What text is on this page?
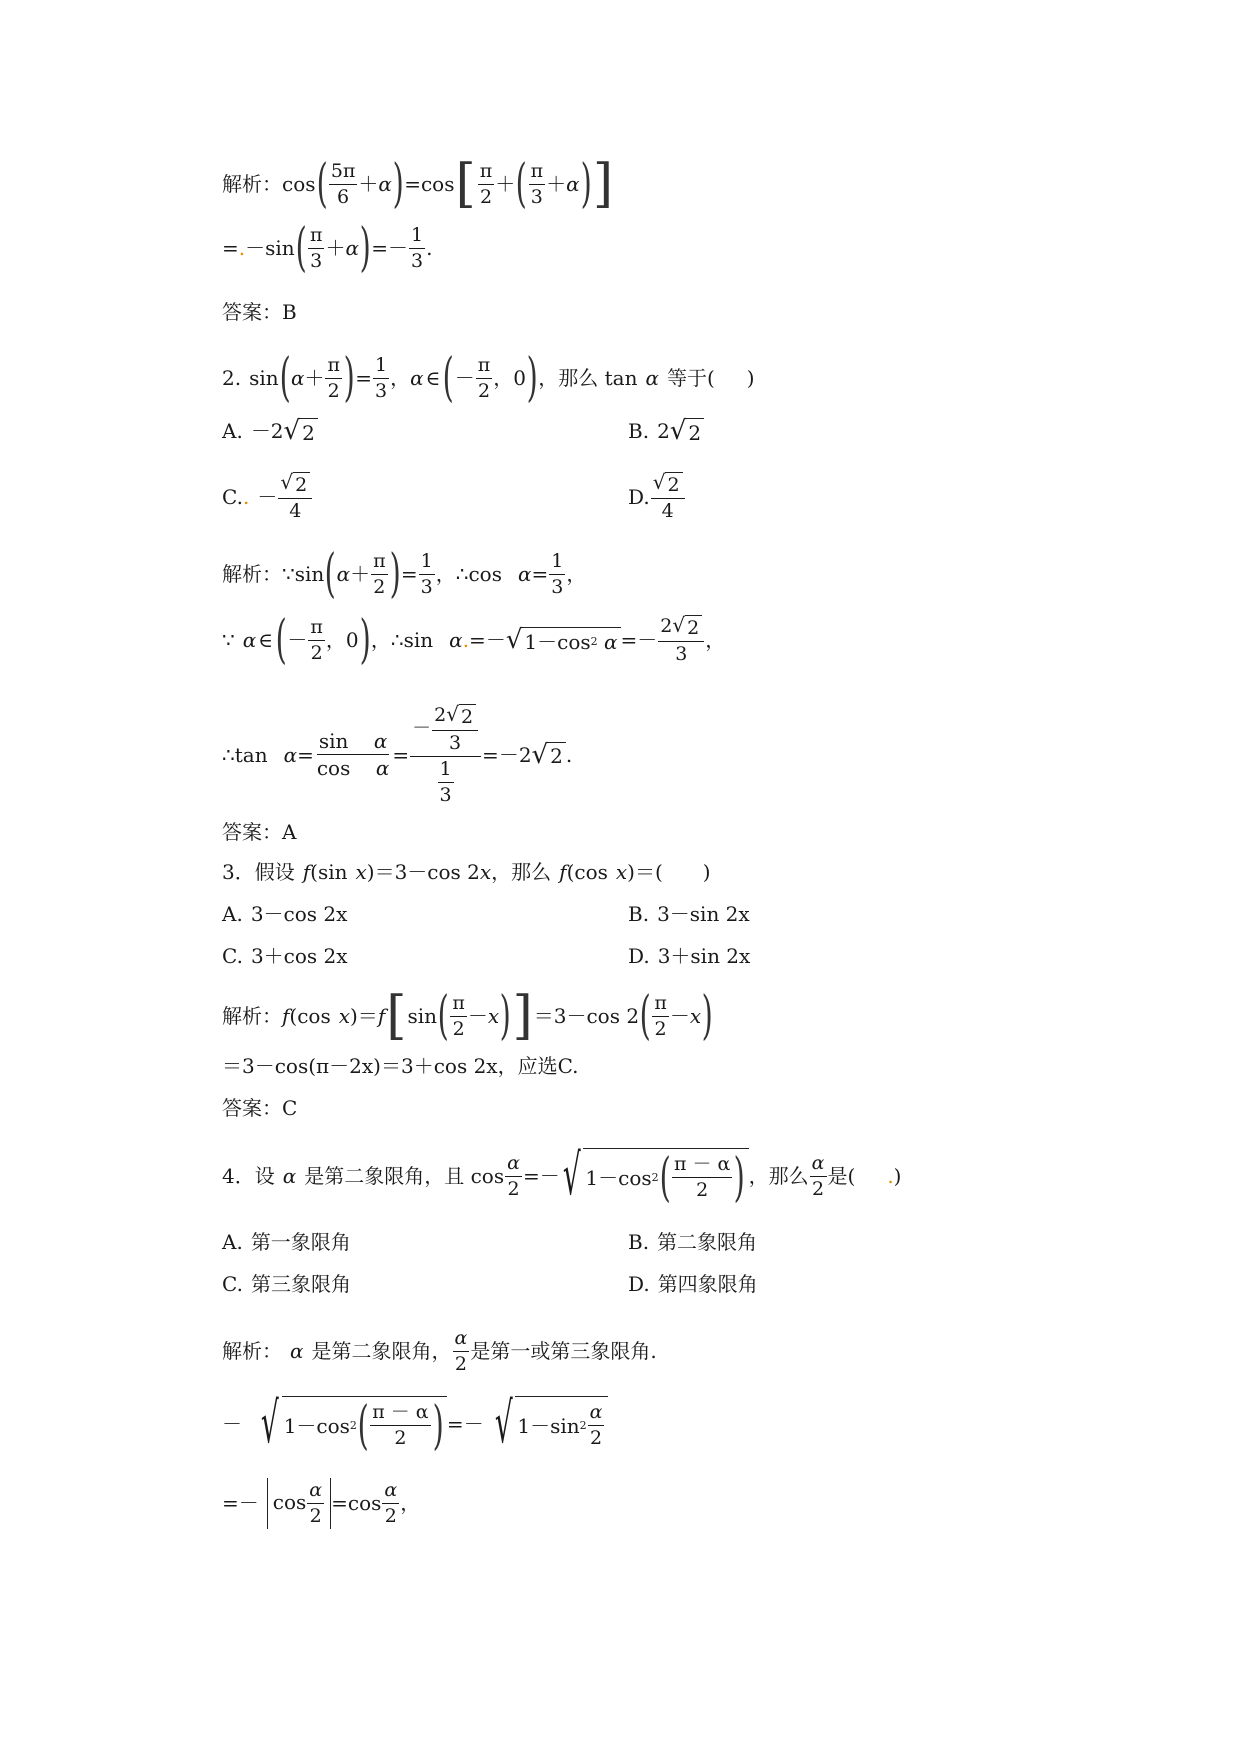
解析： cos ( $\frac{5\pi}{6} + \alpha$ ) = cos [ $\frac{\pi}{2}$ ＋ ( $\frac{\pi}{3} + \alpha$ ) ]
= . － sin ( $\frac{\pi}{3} + \alpha$ ) = － $\frac{1}{3}$ .
答案： B
2. sin ( $\alpha + \frac{\pi}{2}$ ) = $\frac{1}{3}$ ， α ∈ ( － $\frac{\pi}{2}$ ， 0 ) ，那么 tan α 等于( )
A. －2 √ 2	B. 2 √ 2
C. . － $\frac{√ 2}{4}$	D. $\frac{√ 2}{4}$
解析： ∵ sin ( $\alpha + \frac{\pi}{2}$ ) = $\frac{1}{3}$ ， ∴ $\cos \alpha = \frac{1}{3}$ ，
∵ α ∈ ( － $\frac{\pi}{2}$ ， 0 ) ， ∴ sin α . = － √ 1－cos 2
α = － $\frac{2 √ 2}{3}$ ，
∴ $\tan \alpha = \frac{\text{sin α}}{\text{cos α}} = \frac{- \frac{2 √ 2}{3}}{\frac{1}{3}}$ = － 2 √ 2 .
答案： A
3．假设 f (sin x )＝3－cos 2 x ，那么 f (cos x )＝(　　)
A. 3－cos 2x	B. 3－sin 2x
C. 3＋cos 2x	D. 3＋sin 2x
解析： f (cos x )＝ f [ sin ( $\frac{\pi}{2} - x$ ) ] ＝3－cos 2 ( $\frac{\pi}{2} - x$ )
＝3－cos(π－2x)＝3＋cos 2x，应选C.
答案： C
4．设 α 是第二象限角，且 $\cos \frac{\alpha}{2}$ = － √ 1－cos 2 ( $\frac{\pi - \alpha}{2}$ ) ，那么 $\frac{\alpha}{2}$ 是( . )
A. 第一象限角	B. 第二象限角
C. 第三象限角	D. 第四象限角
解析： α 是第二象限角， $\frac{\alpha}{2}$ 是第一或第三象限角.
－ √ 1－cos 2 ( $\frac{\pi - \alpha}{2}$ ) = － √ 1－sin $2 \frac{\alpha}{2}$
= － $\cos \frac{\alpha}{2} = \cos \frac{\alpha}{2}$ ，
